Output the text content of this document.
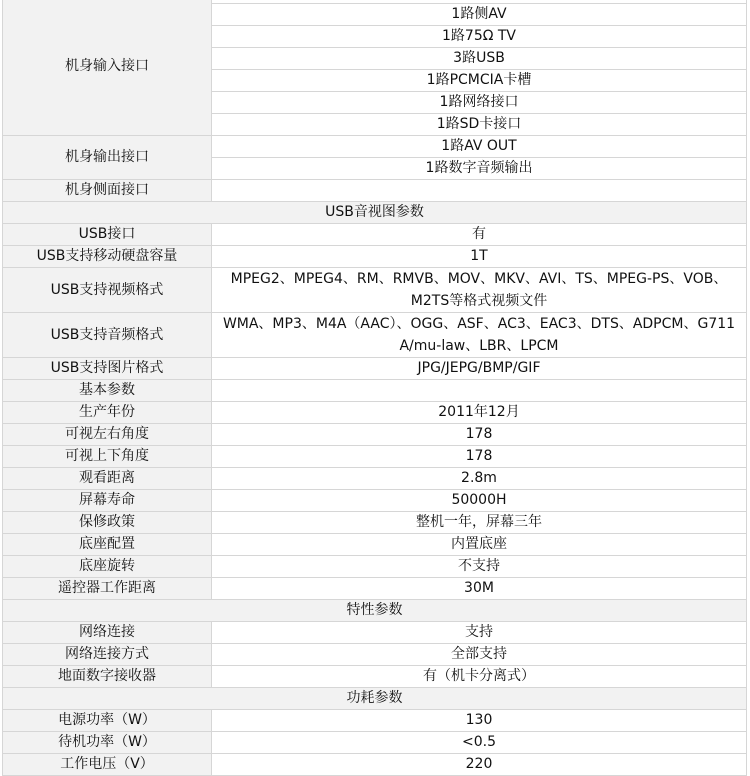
机身输入接口	
	1路侧AV
	1路75Ω TV
	3路USB
	1路PCMCIA卡槽
	1路网络接口
	1路SD卡接口
机身输出接口	1路AV OUT
	1路数字音频输出
机身侧面接口	
USB音视图参数	
USB接口	有
USB支持移动硬盘容量	1T
USB支持视频格式	MPEG2、MPEG4、RM、RMVB、MOV、MKV、AVI、TS、MPEG-PS、VOB、M2TS等格式视频文件
USB支持音频格式	WMA、MP3、M4A（AAC）、OGG、ASF、AC3、EAC3、DTS、ADPCM、G711 A/mu-law、LBR、LPCM
USB支持图片格式	JPG/JEPG/BMP/GIF
基本参数	
生产年份	2011年12月
可视左右角度	178
可视上下角度	178
观看距离	2.8m
屏幕寿命	50000H
保修政策	整机一年，屏幕三年
底座配置	内置底座
底座旋转	不支持
遥控器工作距离	30M
特性参数	
网络连接	支持
网络连接方式	全部支持
地面数字接收器	有（机卡分离式）
功耗参数	
电源功率（W）	130
待机功率（W）	<0.5
工作电压（V）	220
